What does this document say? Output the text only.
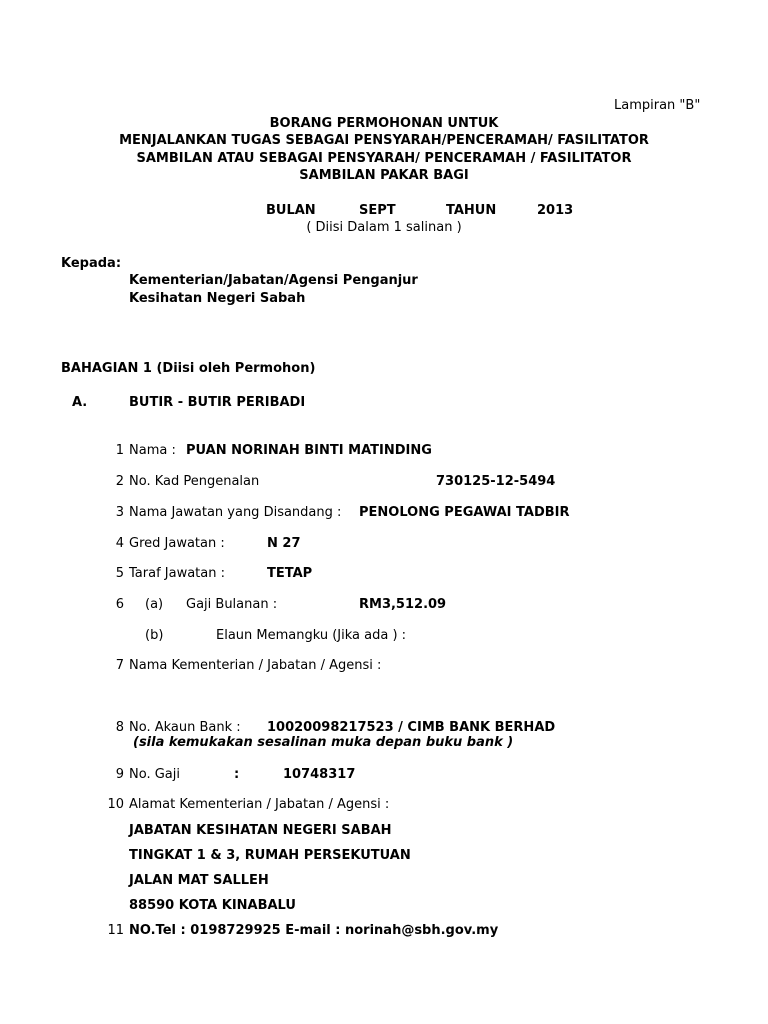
Lampiran "B"
BORANG PERMOHONAN UNTUK
MENJALANKAN TUGAS SEBAGAI PENSYARAH/PENCERAMAH/ FASILITATOR
SAMBILAN ATAU SEBAGAI PENSYARAH/ PENCERAMAH / FASILITATOR
SAMBILAN PAKAR BAGI
BULAN	SEPT	TAHUN	2013
( Diisi Dalam 1 salinan )
Kepada:
Kementerian/Jabatan/Agensi Penganjur
Kesihatan Negeri Sabah
BAHAGIAN 1 (Diisi oleh Permohon)
A.	BUTIR - BUTIR PERIBADI
1 Nama : PUAN NORINAH BINTI MATINDING
2 No. Kad Pengenalan	730125-12-5494
3 Nama Jawatan yang Disandang : PENOLONG PEGAWAI TADBIR
4 Gred Jawatan :	N 27
5 Taraf Jawatan :	TETAP
6 (a) Gaji Bulanan :	RM3,512.09
(b)	Elaun Memangku (Jika ada ) :
7 Nama Kementerian / Jabatan / Agensi :
8 No. Akaun Bank : 10020098217523 / CIMB BANK BERHAD
(sila kemukakan sesalinan muka depan buku bank )
9 No. Gaji	:	10748317
10 Alamat Kementerian / Jabatan / Agensi :
JABATAN KESIHATAN NEGERI SABAH
TINGKAT 1 & 3, RUMAH PERSEKUTUAN
JALAN MAT SALLEH
88590 KOTA KINABALU
11 NO.Tel : 0198729925 E-mail : norinah@sbh.gov.my
